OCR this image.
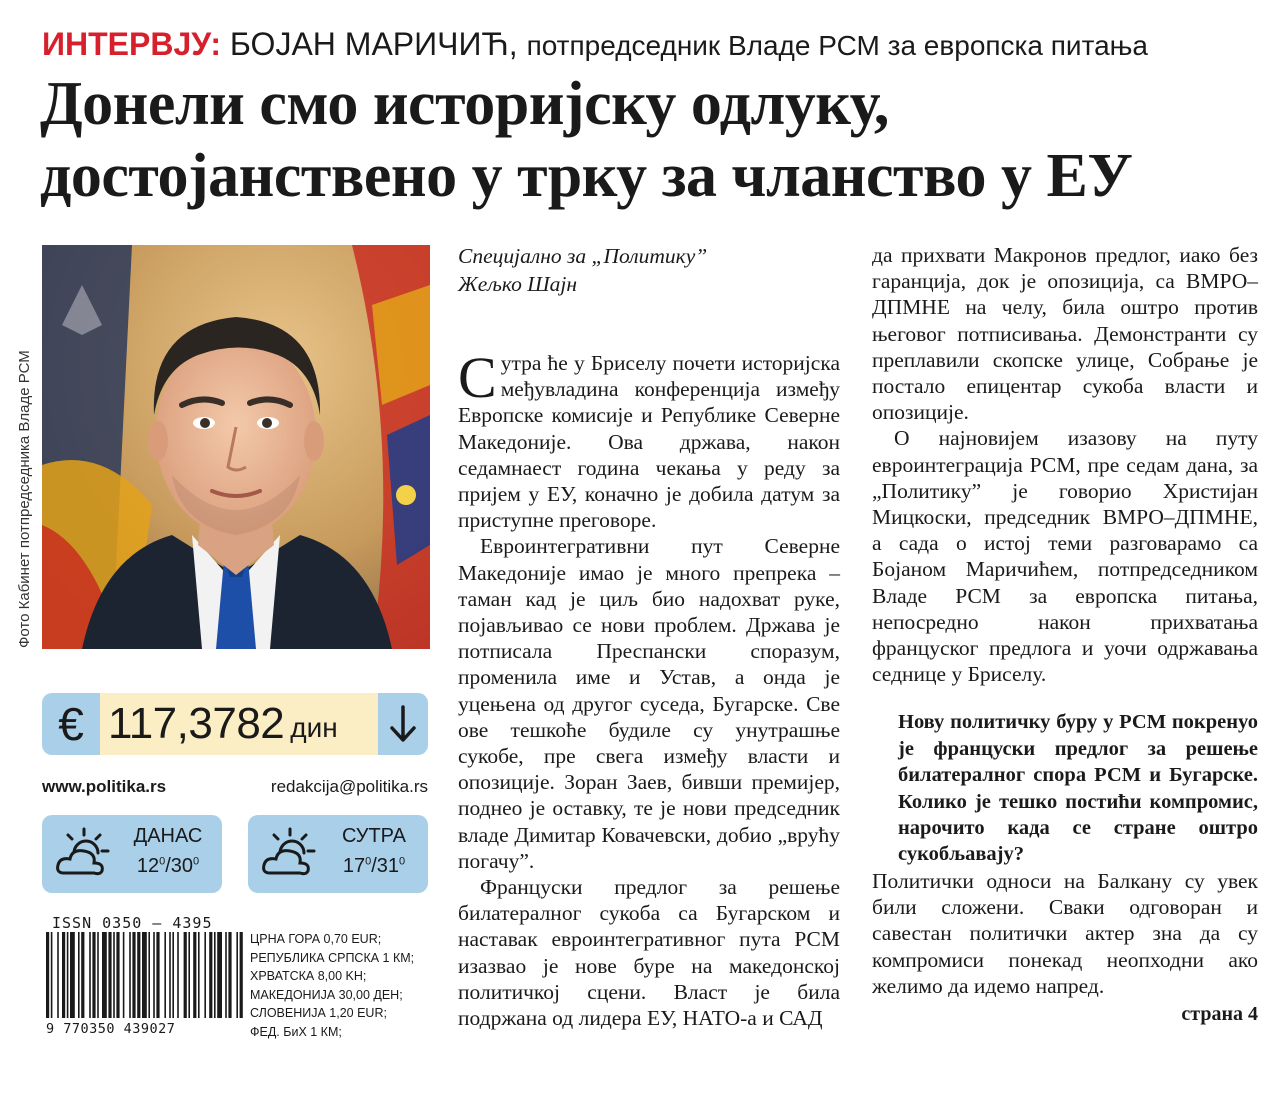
ИНТЕРВЈУ: БОЈАН МАРИЧИЋ, потпредседник Владе РСМ за европска питања
Донели смо историјску одлуку,
достојанствено у трку за чланство у ЕУ
Фото Кабинет потпредседника Владе РСМ
€ 117,3782 дин
www.politika.rs	redakcija@politika.rs
ДАНАС
$12^0/30^0$
СУТРА
$17^0/31^0$
ISSN 0350 – 4395
9 770350 439027
ЦРНА ГОРА 0,70 EUR;
РЕПУБЛИКА СРПСКА 1 КМ;
ХРВАТСКА 8,00 KН;
МАКЕДОНИЈА 30,00 ДЕН;
СЛОВЕНИЈА 1,20 EUR;
ФЕД. БиХ 1 КМ;

Специјално за „Политику”

Жељко Шајн

Сутра ће у Бриселу почети историјска међувладина конференција између Европске комисије и Републике Северне Македоније. Ова држава, након седамнаест година чекања у реду за пријем у ЕУ, коначно је добила датум за приступне преговоре.

Евроинтегративни пут Северне Македоније имао је много препрека – таман кад је циљ био надохват руке, појављивао се нови проблем. Држава је потписала Преспански споразум, променила име и Устав, а онда је уцењена од другог суседа, Бугарске. Све ове тешкоће будиле су унутрашње сукобе, пре свега између власти и опозиције. Зоран Заев, бивши премијер, поднео је оставку, те је нови председник владе Димитар Ковачевски, добио „врућу погачу”.

Француски предлог за решење билатералног сукоба са Бугарском и наставак евроинтегративног пута РСМ изазвао је нове буре на македонској политичкој сцени. Власт је била подржана од лидера ЕУ, НАТО-а и САД

да прихвати Макронов предлог, иако без гаранција, док је опозиција, са ВМРО–ДПМНЕ на челу, била оштро против његовог потписивања. Демонстранти су преплавили скопске улице, Собрање је постало епицентар сукоба власти и опозиције.

О најновијем изазову на путу евроинтеграција РСМ, пре седам дана, за „Политику” је говорио Христијан Мицкоски, председник ВМРО–ДПМНЕ, а сада о истој теми разговарамо са Бојаном Маричићем, потпредседником Владе РСМ за европска питања, непосредно након прихватања француског предлога и уочи одржавања седнице у Бриселу.

Нову политичку буру у РСМ покренуо је француски предлог за решење билатералног спора РСМ и Бугарске. Колико је тешко постићи компромис, нарочито када се стране оштро сукобљавају?

Политички односи на Балкану су увек били сложени. Сваки одговоран и савестан политички актер зна да су компромиси понекад неопходни ако желимо да идемо напред.

страна 4
